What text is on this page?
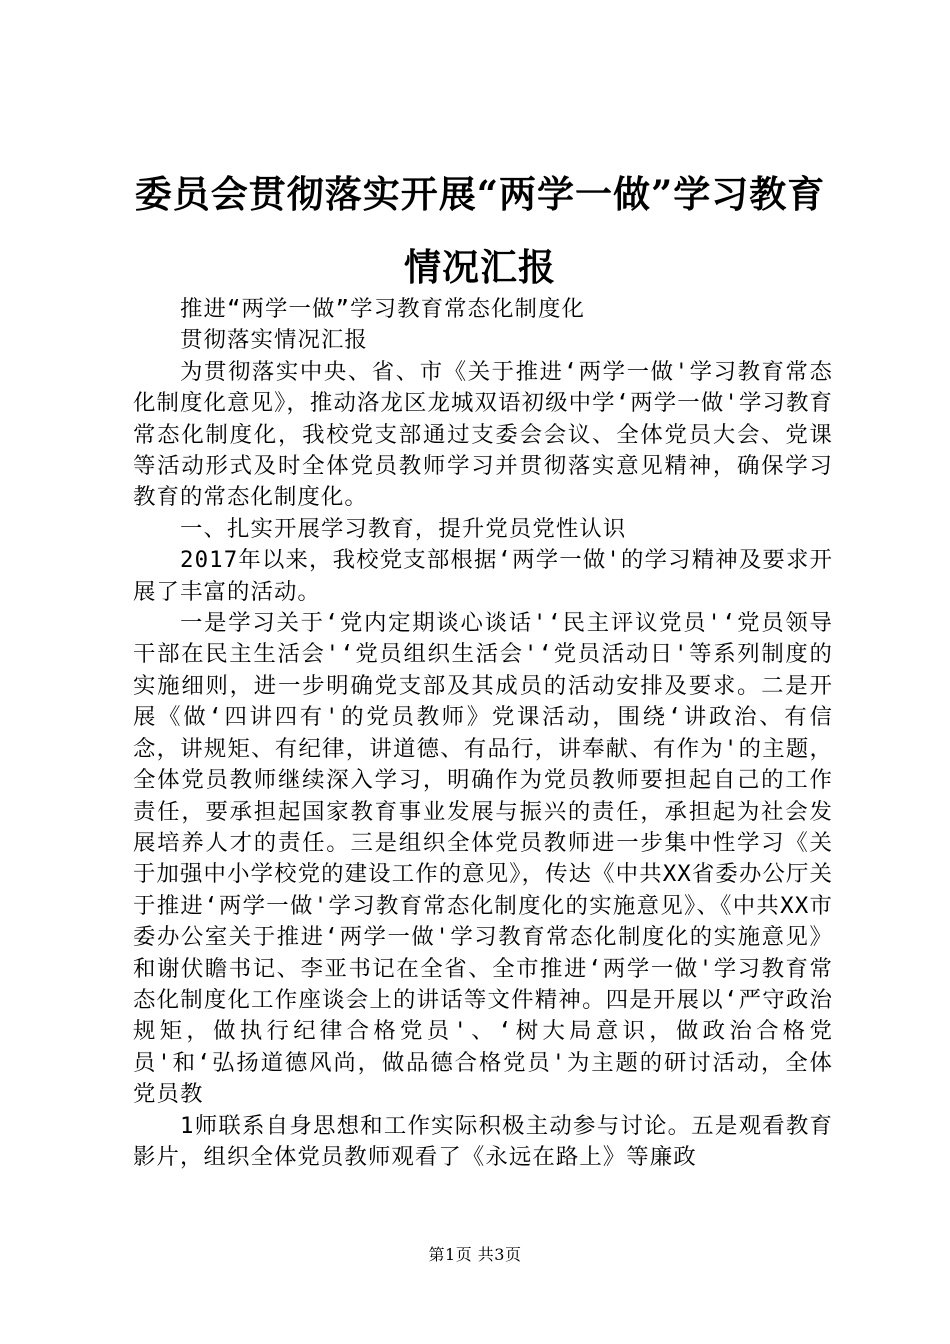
委员会贯彻落实开展“两学一做”学习教育情况汇报

推进“两学一做”学习教育常态化制度化

贯彻落实情况汇报

为贯彻落实中央、省、市《关于推进‘两学一做'学习教育常态化制度化意见》，推动洛龙区龙城双语初级中学‘两学一做'学习教育常态化制度化，我校党支部通过支委会会议、全体党员大会、党课等活动形式及时全体党员教师学习并贯彻落实意见精神，确保学习教育的常态化制度化。

一、扎实开展学习教育，提升党员党性认识

2017年以来，我校党支部根据‘两学一做'的学习精神及要求开展了丰富的活动。

一是学习关于‘党内定期谈心谈话'‘民主评议党员'‘党员领导干部在民主生活会'‘党员组织生活会'‘党员活动日'等系列制度的实施细则，进一步明确党支部及其成员的活动安排及要求。二是开展《做‘四讲四有'的党员教师》党课活动，围绕‘讲政治、有信念，讲规矩、有纪律，讲道德、有品行，讲奉献、有作为'的主题，全体党员教师继续深入学习，明确作为党员教师要担起自己的工作责任，要承担起国家教育事业发展与振兴的责任，承担起为社会发展培养人才的责任。三是组织全体党员教师进一步集中性学习《关于加强中小学校党的建设工作的意见》，传达《中共XX省委办公厅关于推进‘两学一做'学习教育常态化制度化的实施意见》、《中共XX市委办公室关于推进‘两学一做'学习教育常态化制度化的实施意见》和谢伏瞻书记、李亚书记在全省、全市推进‘两学一做'学习教育常态化制度化工作座谈会上的讲话等文件精神。四是开展以‘严守政治规矩，做执行纪律合格党员'、‘树大局意识，做政治合格党员'和‘弘扬道德风尚，做品德合格党员'为主题的研讨活动，全体党员教

1师联系自身思想和工作实际积极主动参与讨论。五是观看教育影片，组织全体党员教师观看了《永远在路上》等廉政

第1页 共3页
